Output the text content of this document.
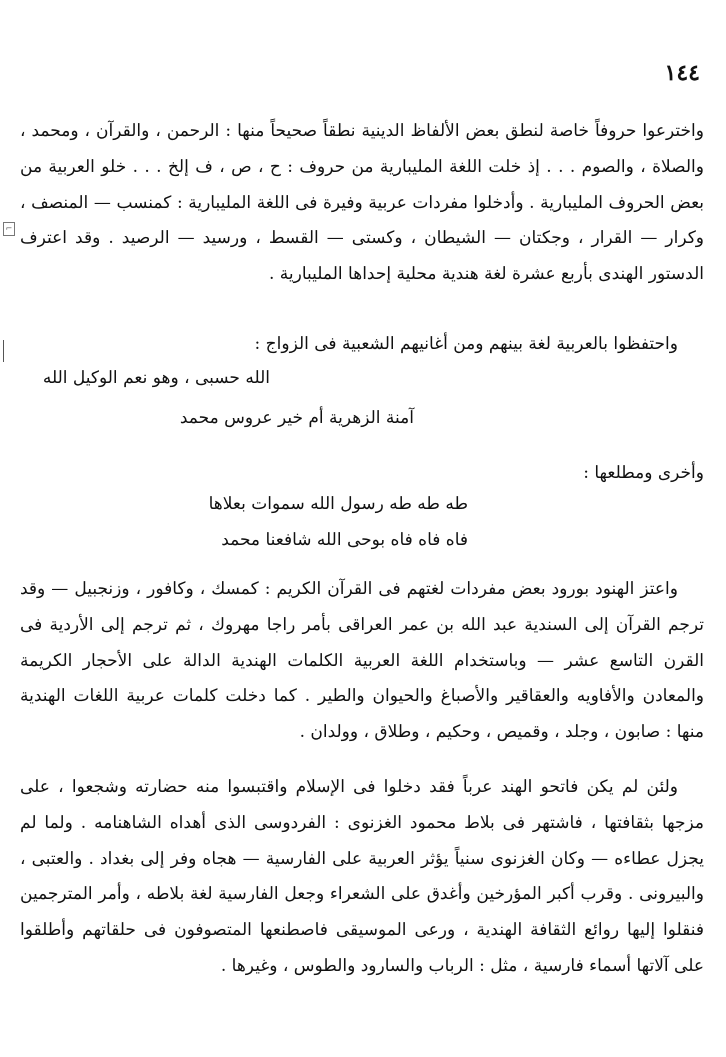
١٤٤
⌐

واخترعوا حروفاً خاصة لنطق بعض الألفاظ الدينية نطقاً صحيحاً منها : الرحمن ، والقرآن ، ومحمد ، والصلاة ، والصوم . . . إذ خلت اللغة المليبارية من حروف : ح ، ص ، ف إلخ . . . خلو العربية من بعض الحروف المليبارية . وأدخلوا مفردات عربية وفيرة فى اللغة المليبارية : كمنسب — المنصف ، وكرار — القرار ، وجكتان — الشيطان ، وكستى — القسط ، ورسيد — الرصيد . وقد اعترف الدستور الهندى بأربع عشرة لغة هندية محلية إحداها المليبارية .

واحتفظوا بالعربية لغة بينهم ومن أغانيهم الشعبية فى الزواج :

الله حسبى ، وهو نعم الوكيل الله
آمنة الزهرية أم خير عروس محمد

وأخرى ومطلعها :

طه طه طه رسول الله سموات بعلاها
فاه فاه فاه بوحى الله شافعنا محمد

واعتز الهنود بورود بعض مفردات لغتهم فى القرآن الكريم : كمسك ، وكافور ، وزنجبيل — وقد ترجم القرآن إلى السندية عبد الله بن عمر العراقى بأمر راجا مهروك ، ثم ترجم إلى الأردية فى القرن التاسع عشر — وباستخدام اللغة العربية الكلمات الهندية الدالة على الأحجار الكريمة والمعادن والأفاويه والعقاقير والأصباغ والحيوان والطير . كما دخلت كلمات عربية اللغات الهندية منها : صابون ، وجلد ، وقميص ، وحكيم ، وطلاق ، وولدان .

ولئن لم يكن فاتحو الهند عرباً فقد دخلوا فى الإسلام واقتبسوا منه حضارته وشجعوا ، على مزجها بثقافتها ، فاشتهر فى بلاط محمود الغزنوى : الفردوسى الذى أهداه الشاهنامه . ولما لم يجزل عطاءه — وكان الغزنوى سنياً يؤثر العربية على الفارسية — هجاه وفر إلى بغداد . والعتبى ، والبيرونى . وقرب أكبر المؤرخين وأغدق على الشعراء وجعل الفارسية لغة بلاطه ، وأمر المترجمين فنقلوا إليها روائع الثقافة الهندية ، ورعى الموسيقى فاصطنعها المتصوفون فى حلقاتهم وأطلقوا على آلاتها أسماء فارسية ، مثل : الرباب والسارود والطوس ، وغيرها .
